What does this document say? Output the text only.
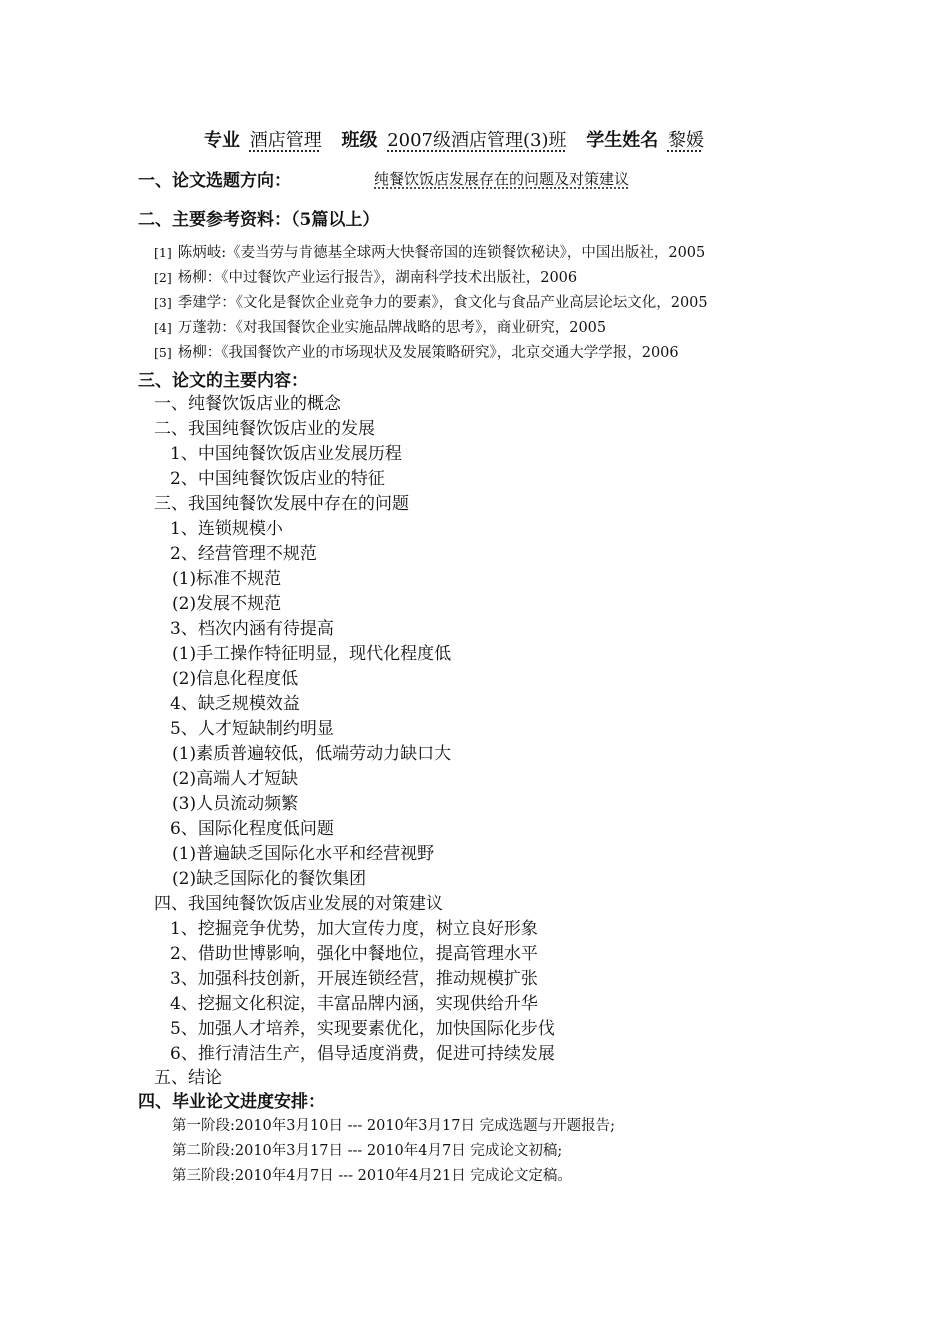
专业 酒店管理 班级 2007级酒店管理(3)班 学生姓名 黎媛
一、论文选题方向：	纯餐饮饭店发展存在的问题及对策建议
二、主要参考资料：（5篇以上）
[1] 陈炳岐:《麦当劳与肯德基全球两大快餐帝国的连锁餐饮秘诀》，中国出版社，2005
[2] 杨柳：《中过餐饮产业运行报告》，湖南科学技术出版社，2006
[3] 季建学：《文化是餐饮企业竞争力的要素》，食文化与食品产业高层论坛文化，2005
[4] 万蓬勃：《对我国餐饮企业实施品牌战略的思考》，商业研究，2005
[5] 杨柳：《我国餐饮产业的市场现状及发展策略研究》，北京交通大学学报，2006
三、论文的主要内容：
一、纯餐饮饭店业的概念
二、我国纯餐饮饭店业的发展
1、中国纯餐饮饭店业发展历程
2、中国纯餐饮饭店业的特征
三、我国纯餐饮发展中存在的问题
1、连锁规模小
2、经营管理不规范
(1)标准不规范
(2)发展不规范
3、档次内涵有待提高
(1)手工操作特征明显，现代化程度低
(2)信息化程度低
4、缺乏规模效益
5、人才短缺制约明显
(1)素质普遍较低，低端劳动力缺口大
(2)高端人才短缺
(3)人员流动频繁
6、国际化程度低问题
(1)普遍缺乏国际化水平和经营视野
(2)缺乏国际化的餐饮集团
四、我国纯餐饮饭店业发展的对策建议
1、挖掘竞争优势，加大宣传力度，树立良好形象
2、借助世博影响，强化中餐地位，提高管理水平
3、加强科技创新，开展连锁经营，推动规模扩张
4、挖掘文化积淀，丰富品牌内涵，实现供给升华
5、加强人才培养，实现要素优化，加快国际化步伐
6、推行清洁生产，倡导适度消费，促进可持续发展
五、结论
四、毕业论文进度安排：
第一阶段:2010年3月10日 --- 2010年3月17日 完成选题与开题报告;
第二阶段:2010年3月17日 --- 2010年4月7日 完成论文初稿;
第三阶段:2010年4月7日 --- 2010年4月21日 完成论文定稿。
